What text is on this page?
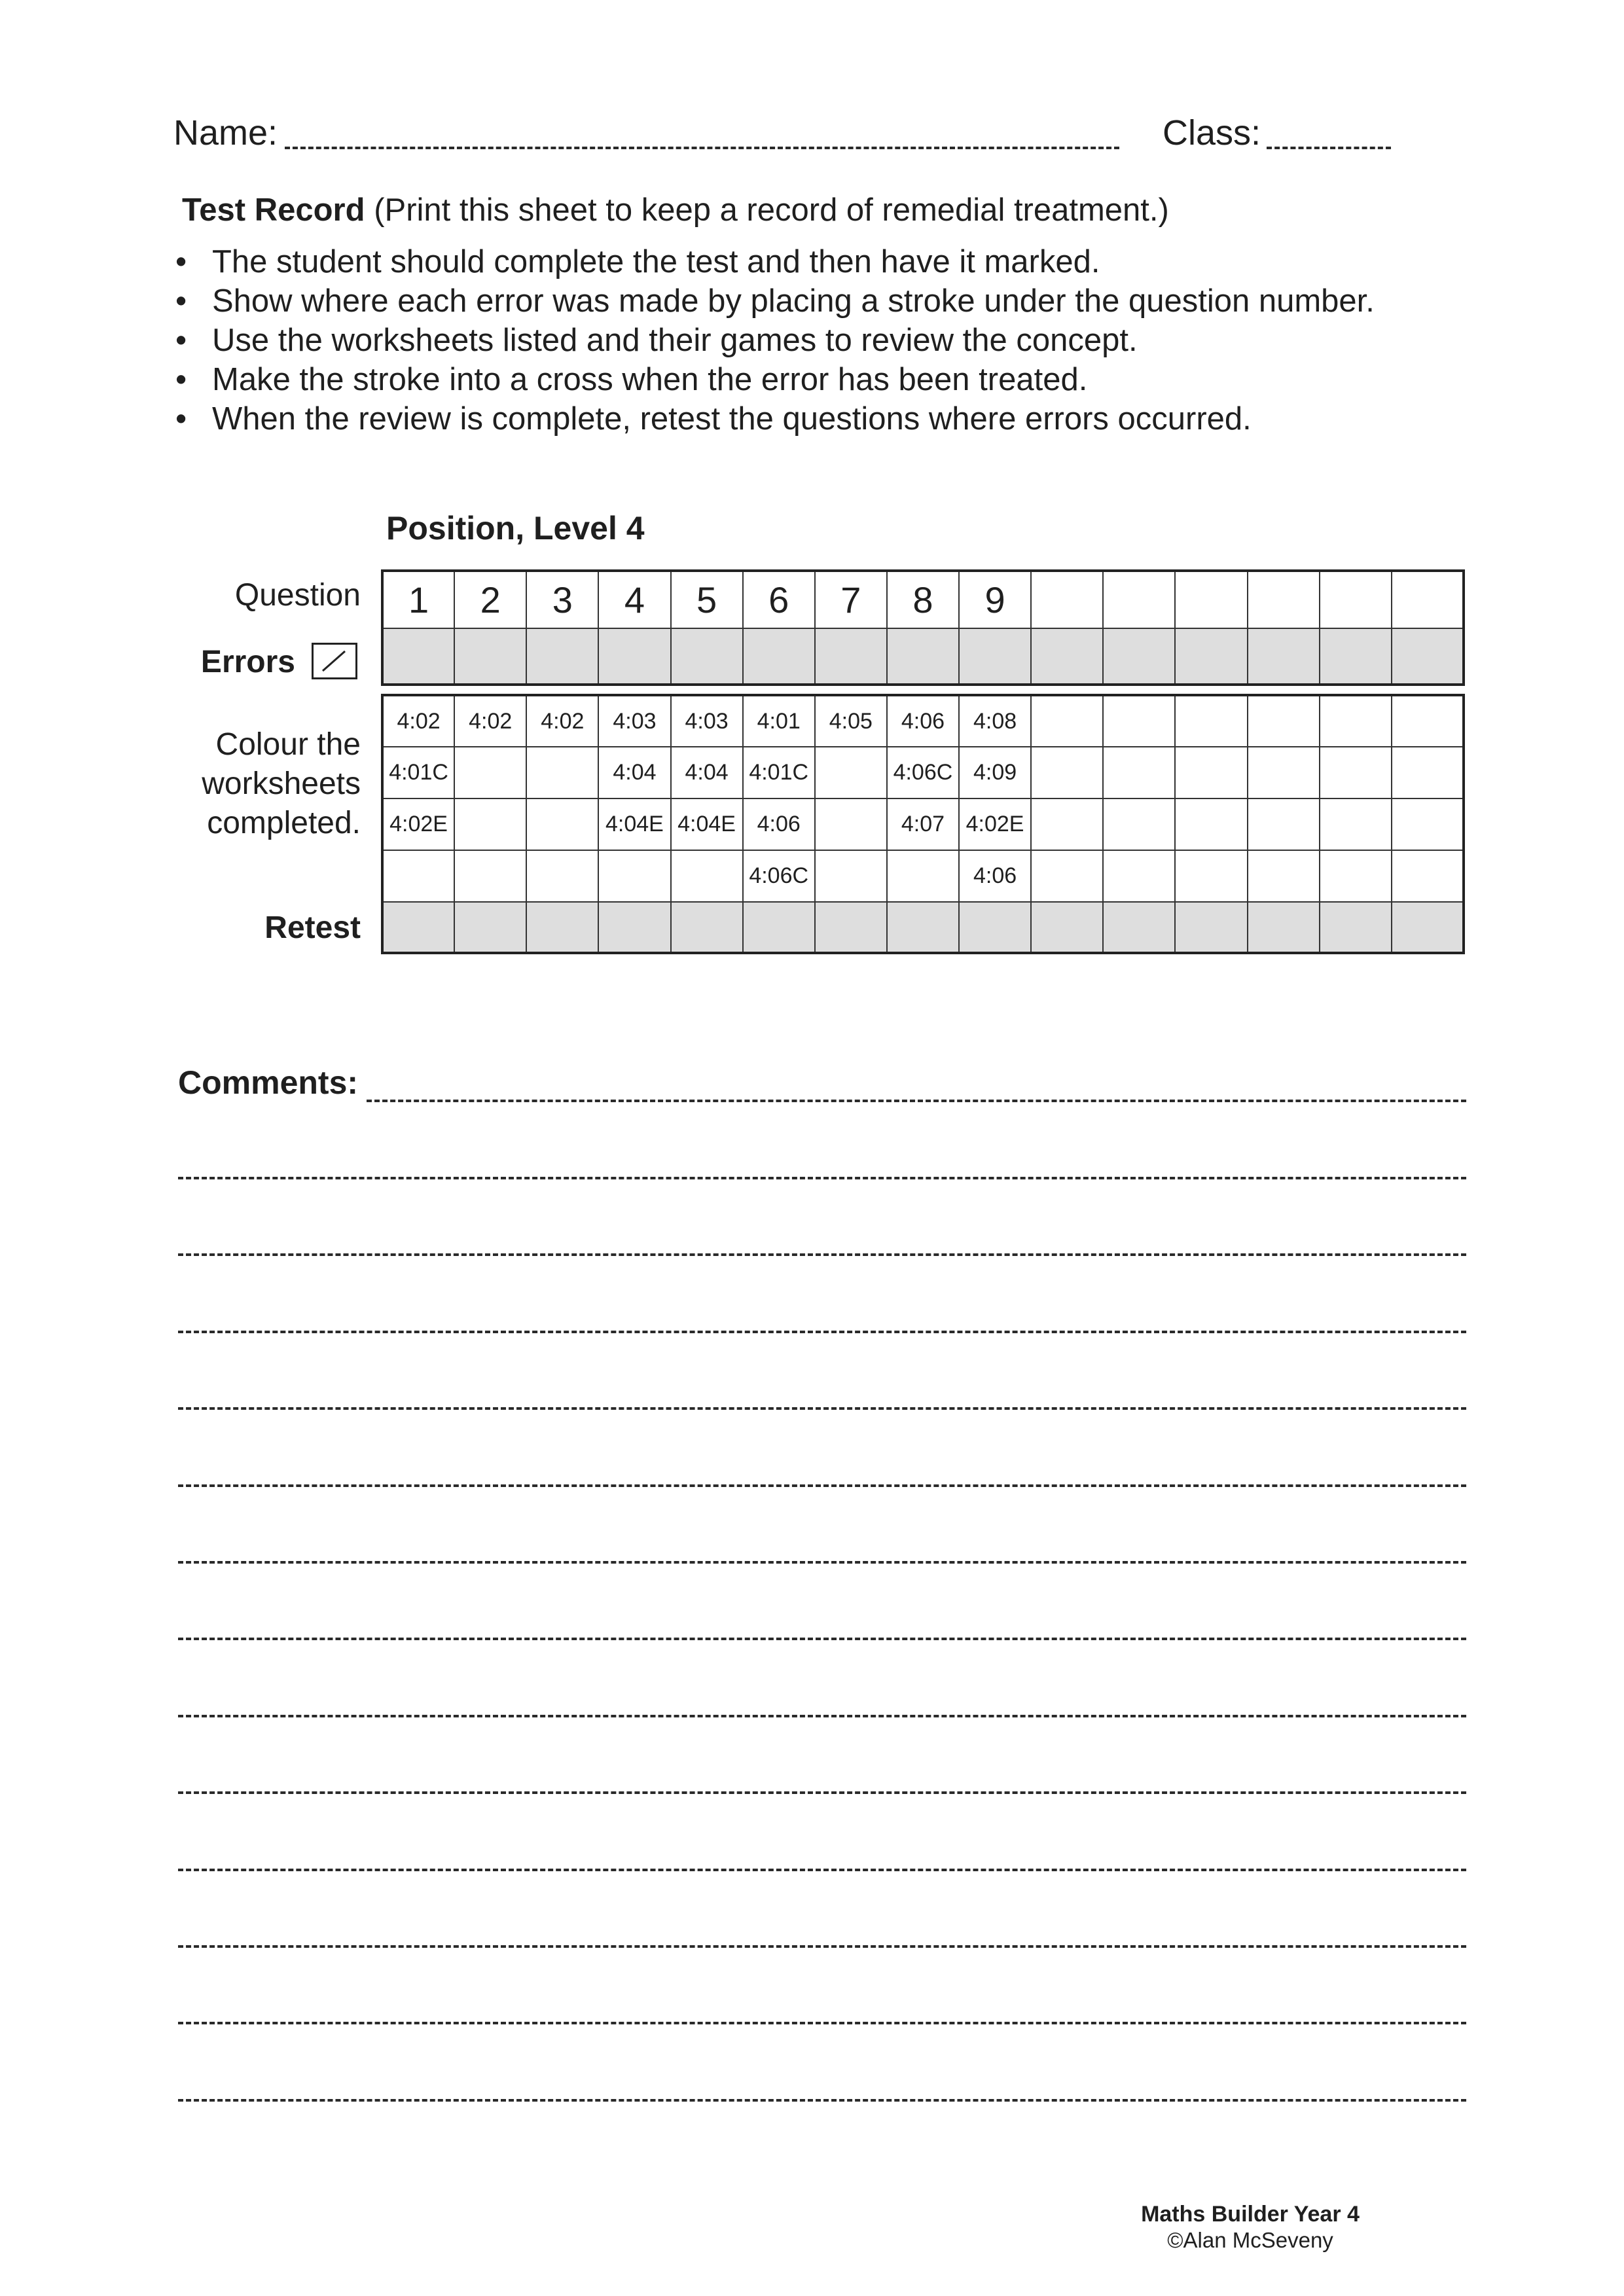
Name:	Class:
Test Record (Print this sheet to keep a record of remedial treatment.)
• The student should complete the test and then have it marked.
• Show where each error was made by placing a stroke under the question number.
• Use the worksheets listed and their games to review the concept.
• Make the stroke into a cross when the error has been treated.
• When the review is complete, retest the questions where errors occurred.
Position, Level 4
Question
Errors
1	2	3	4	5	6	7	8	9						

Colour the
worksheets
completed.
Retest
4:02	4:02	4:02	4:03	4:03	4:01	4:05	4:06	4:08						
4:01C			4:04	4:04	4:01C		4:06C	4:09						
4:02E			4:04E	4:04E	4:06		4:07	4:02E						
					4:06C			4:06						

Comments:
Maths Builder Year 4
©Alan McSeveny
